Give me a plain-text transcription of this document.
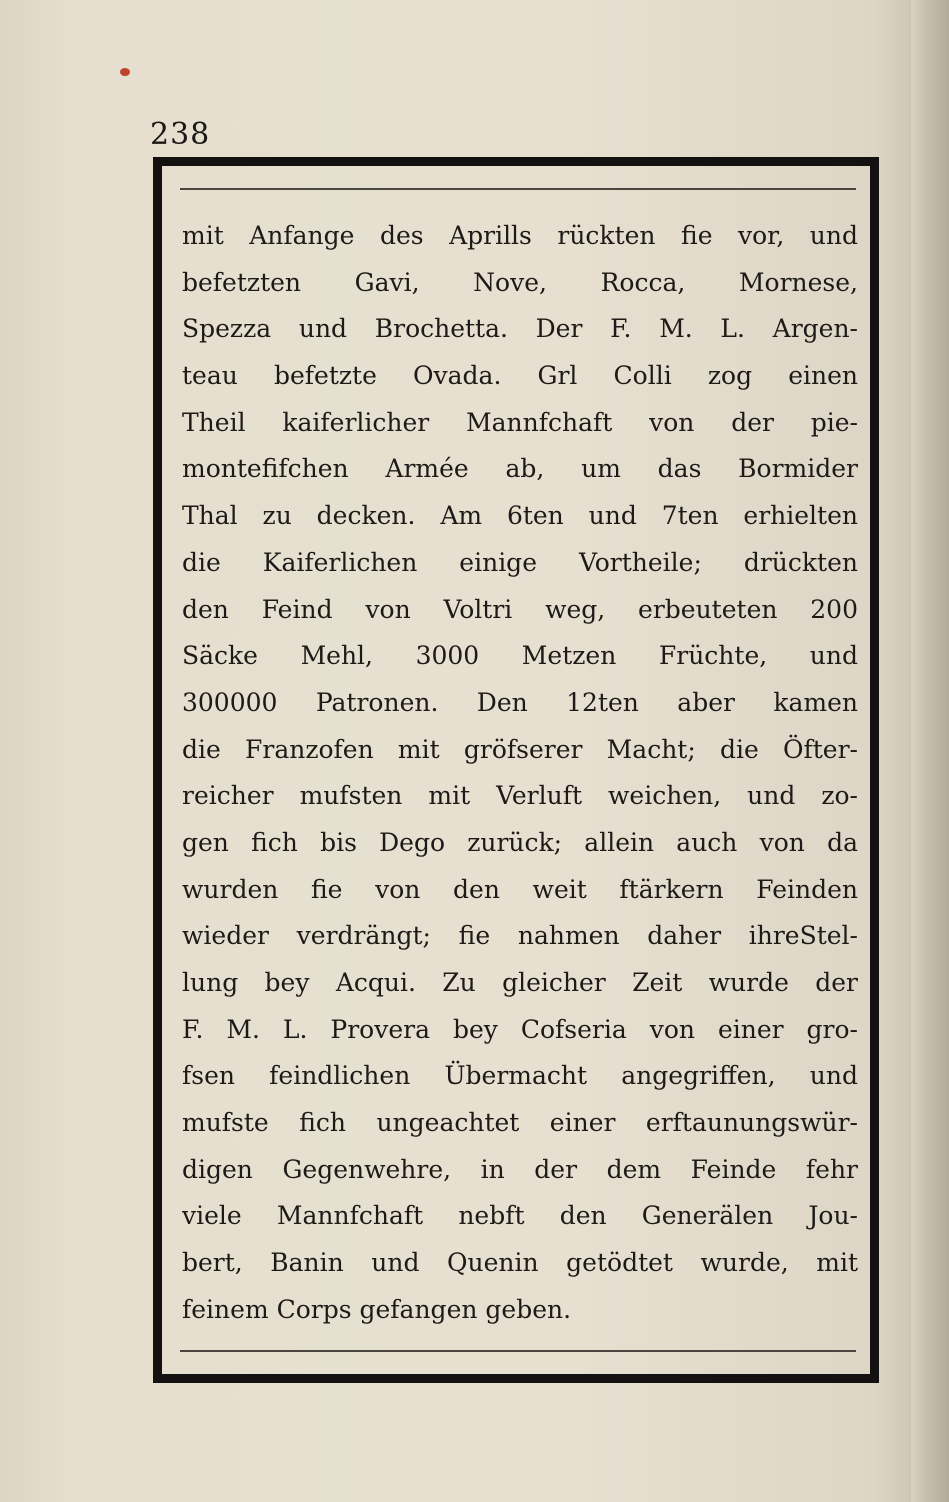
238
mit Anfange des Aprills rückten fie vor, und
befetzten Gavi, Nove, Rocca, Mornese,
Spezza und Brochetta. Der F. M. L. Argen-
teau befetzte Ovada. Grl Colli zog einen
Theil kaiferlicher Mannfchaft von der pie-
montefifchen Armée ab, um das Bormider
Thal zu decken. Am 6ten und 7ten erhielten
die Kaiferlichen einige Vortheile; drückten
den Feind von Voltri weg, erbeuteten 200
Säcke Mehl, 3000 Metzen Früchte, und
300000 Patronen. Den 12ten aber kamen
die Franzofen mit gröfserer Macht; die Öfter-
reicher mufsten mit Verluft weichen, und zo-
gen fich bis Dego zurück; allein auch von da
wurden fie von den weit ftärkern Feinden
wieder verdrängt; fie nahmen daher ihreStel-
lung bey Acqui. Zu gleicher Zeit wurde der
F. M. L. Provera bey Cofseria von einer gro-
fsen feindlichen Übermacht angegriffen, und
mufste fich ungeachtet einer erftaunungswür-
digen Gegenwehre, in der dem Feinde fehr
viele Mannfchaft nebft den Generälen Jou-
bert, Banin und Quenin getödtet wurde, mit
feinem Corps gefangen geben.
